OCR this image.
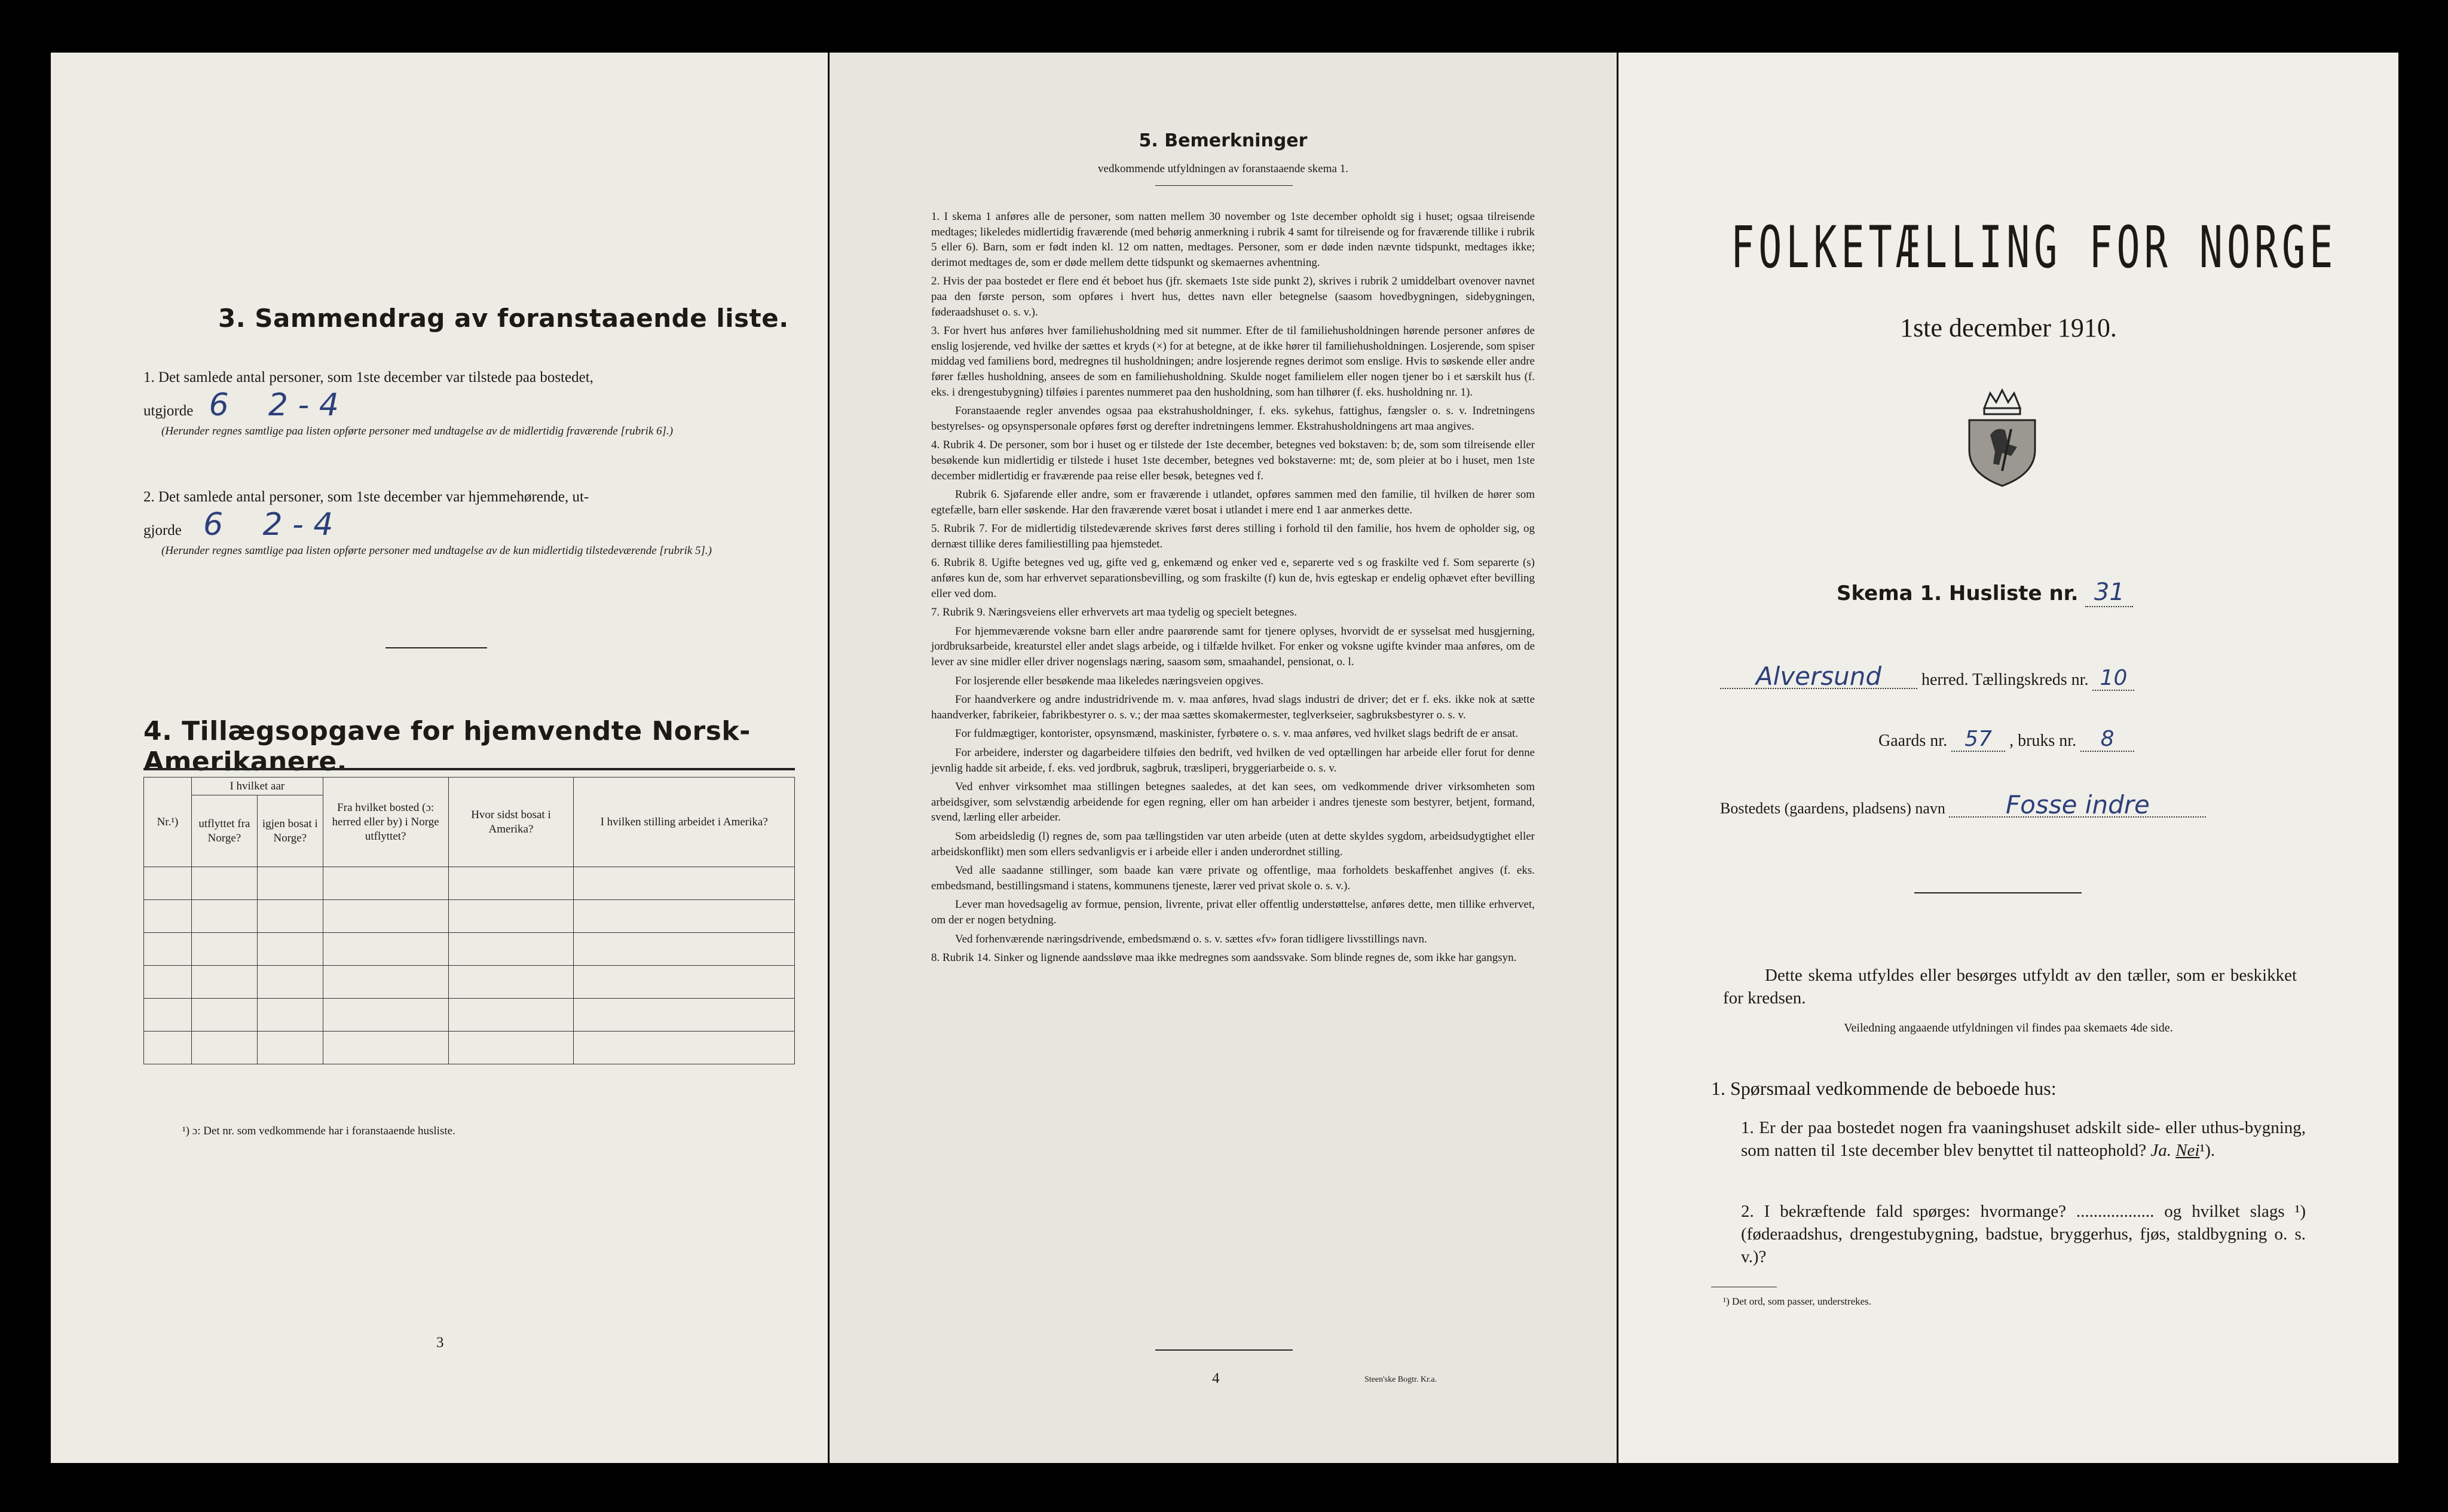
3. Sammendrag av foranstaaende liste.
1. Det samlede antal personer, som 1ste december var tilstede paa bostedet,
utgjorde 6 2 - 4
(Herunder regnes samtlige paa listen opførte personer med undtagelse av de midlertidig fraværende [rubrik 6].)
2. Det samlede antal personer, som 1ste december var hjemmehørende, ut-
gjorde 6 2 - 4
(Herunder regnes samtlige paa listen opførte personer med undtagelse av de kun midlertidig tilstedeværende [rubrik 5].)
4. Tillægsopgave for hjemvendte Norsk-Amerikanere.
Nr.¹)	I hvilket aar		Fra hvilket bosted (ɔ: herred eller by) i Norge utflyttet?	Hvor sidst bosat i Amerika?	I hvilken stilling arbeidet i Amerika?
	utflyttet fra Norge?	igjen bosat i Norge?			

¹) ɔ: Det nr. som vedkommende har i foranstaaende husliste.
3
5. Bemerkninger
vedkommende utfyldningen av foranstaaende skema 1.

1. I skema 1 anføres alle de personer, som natten mellem 30 november og 1ste december opholdt sig i huset; ogsaa tilreisende medtages; likeledes midlertidig fraværende (med behørig anmerkning i rubrik 4 samt for tilreisende og for fraværende tillike i rubrik 5 eller 6). Barn, som er født inden kl. 12 om natten, medtages. Personer, som er døde inden nævnte tidspunkt, medtages ikke; derimot medtages de, som er døde mellem dette tidspunkt og skemaernes avhentning.

2. Hvis der paa bostedet er flere end ét beboet hus (jfr. skemaets 1ste side punkt 2), skrives i rubrik 2 umiddelbart ovenover navnet paa den første person, som opføres i hvert hus, dettes navn eller betegnelse (saasom hovedbygningen, sidebygningen, føderaadshuset o. s. v.).

3. For hvert hus anføres hver familiehusholdning med sit nummer. Efter de til familiehusholdningen hørende personer anføres de enslig losjerende, ved hvilke der sættes et kryds (×) for at betegne, at de ikke hører til familiehusholdningen. Losjerende, som spiser middag ved familiens bord, medregnes til husholdningen; andre losjerende regnes derimot som enslige. Hvis to søskende eller andre fører fælles husholdning, ansees de som en familiehusholdning. Skulde noget familielem eller nogen tjener bo i et særskilt hus (f. eks. i drengestubygning) tilføies i parentes nummeret paa den husholdning, som han tilhører (f. eks. husholdning nr. 1).

Foranstaaende regler anvendes ogsaa paa ekstrahusholdninger, f. eks. sykehus, fattighus, fængsler o. s. v. Indretningens bestyrelses- og opsynspersonale opføres først og derefter indretningens lemmer. Ekstrahusholdningens art maa angives.

4. Rubrik 4. De personer, som bor i huset og er tilstede der 1ste december, betegnes ved bokstaven: b; de, som som tilreisende eller besøkende kun midlertidig er tilstede i huset 1ste december, betegnes ved bokstaverne: mt; de, som pleier at bo i huset, men 1ste december midlertidig er fraværende paa reise eller besøk, betegnes ved f.

Rubrik 6. Sjøfarende eller andre, som er fraværende i utlandet, opføres sammen med den familie, til hvilken de hører som egtefælle, barn eller søskende. Har den fraværende været bosat i utlandet i mere end 1 aar anmerkes dette.

5. Rubrik 7. For de midlertidig tilstedeværende skrives først deres stilling i forhold til den familie, hos hvem de opholder sig, og dernæst tillike deres familiestilling paa hjemstedet.

6. Rubrik 8. Ugifte betegnes ved ug, gifte ved g, enkemænd og enker ved e, separerte ved s og fraskilte ved f. Som separerte (s) anføres kun de, som har erhvervet separationsbevilling, og som fraskilte (f) kun de, hvis egteskap er endelig ophævet efter bevilling eller ved dom.

7. Rubrik 9. Næringsveiens eller erhvervets art maa tydelig og specielt betegnes.

For hjemmeværende voksne barn eller andre paarørende samt for tjenere oplyses, hvorvidt de er sysselsat med husgjerning, jordbruksarbeide, kreaturstel eller andet slags arbeide, og i tilfælde hvilket. For enker og voksne ugifte kvinder maa anføres, om de lever av sine midler eller driver nogenslags næring, saasom søm, smaahandel, pensionat, o. l.

For losjerende eller besøkende maa likeledes næringsveien opgives.

For haandverkere og andre industridrivende m. v. maa anføres, hvad slags industri de driver; det er f. eks. ikke nok at sætte haandverker, fabrikeier, fabrikbestyrer o. s. v.; der maa sættes skomakermester, teglverkseier, sagbruksbestyrer o. s. v.

For fuldmægtiger, kontorister, opsynsmænd, maskinister, fyrbøtere o. s. v. maa anføres, ved hvilket slags bedrift de er ansat.

For arbeidere, inderster og dagarbeidere tilføies den bedrift, ved hvilken de ved optællingen har arbeide eller forut for denne jevnlig hadde sit arbeide, f. eks. ved jordbruk, sagbruk, træsliperi, bryggeriarbeide o. s. v.

Ved enhver virksomhet maa stillingen betegnes saaledes, at det kan sees, om vedkommende driver virksomheten som arbeidsgiver, som selvstændig arbeidende for egen regning, eller om han arbeider i andres tjeneste som bestyrer, betjent, formand, svend, lærling eller arbeider.

Som arbeidsledig (l) regnes de, som paa tællingstiden var uten arbeide (uten at dette skyldes sygdom, arbeidsudygtighet eller arbeidskonflikt) men som ellers sedvanligvis er i arbeide eller i anden underordnet stilling.

Ved alle saadanne stillinger, som baade kan være private og offentlige, maa forholdets beskaffenhet angives (f. eks. embedsmand, bestillingsmand i statens, kommunens tjeneste, lærer ved privat skole o. s. v.).

Lever man hovedsagelig av formue, pension, livrente, privat eller offentlig understøttelse, anføres dette, men tillike erhvervet, om der er nogen betydning.

Ved forhenværende næringsdrivende, embedsmænd o. s. v. sættes «fv» foran tidligere livsstillings navn.

8. Rubrik 14. Sinker og lignende aandssløve maa ikke medregnes som aandssvake. Som blinde regnes de, som ikke har gangsyn.

4	Steen'ske Bogtr. Kr.a.
FOLKETÆLLING FOR NORGE
1ste december 1910.
Skema 1. Husliste nr. 31
Alversund herred. Tællingskreds nr. 10
Gaards nr. 57 , bruks nr. 8
Bostedets (gaardens, pladsens) navn Fosse indre
Dette skema utfyldes eller besørges utfyldt av den tæller, som er beskikket for kredsen.
Veiledning angaaende utfyldningen vil findes paa skemaets 4de side.
1. Spørsmaal vedkommende de beboede hus:
1. Er der paa bostedet nogen fra vaaningshuset adskilt side- eller uthus-bygning, som natten til 1ste december blev benyttet til natteophold? Ja. Nei¹).
2. I bekræftende fald spørges: hvormange? .................. og hvilket slags ¹) (føderaadshus, drengestubygning, badstue, bryggerhus, fjøs, staldbygning o. s. v.)?
¹) Det ord, som passer, understrekes.
